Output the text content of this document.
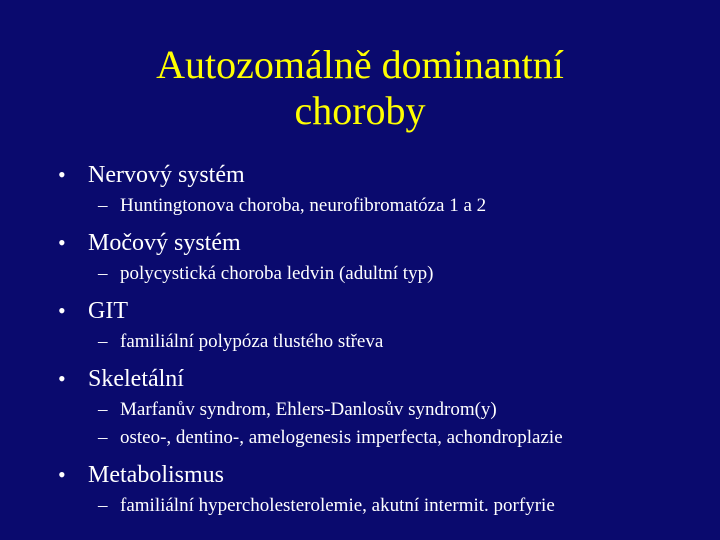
Autozomálně dominantní
choroby

• Nervový systém

– Huntingtonova choroba, neurofibromatóza 1 a 2

• Močový systém

– polycystická choroba ledvin (adultní typ)

• GIT

– familiální polypóza tlustého střeva

• Skeletální

– Marfanův syndrom, Ehlers-Danlosův syndrom(y)

– osteo-, dentino-, amelogenesis imperfecta, achondroplazie

• Metabolismus

– familiální hypercholesterolemie, akutní intermit. porfyrie
